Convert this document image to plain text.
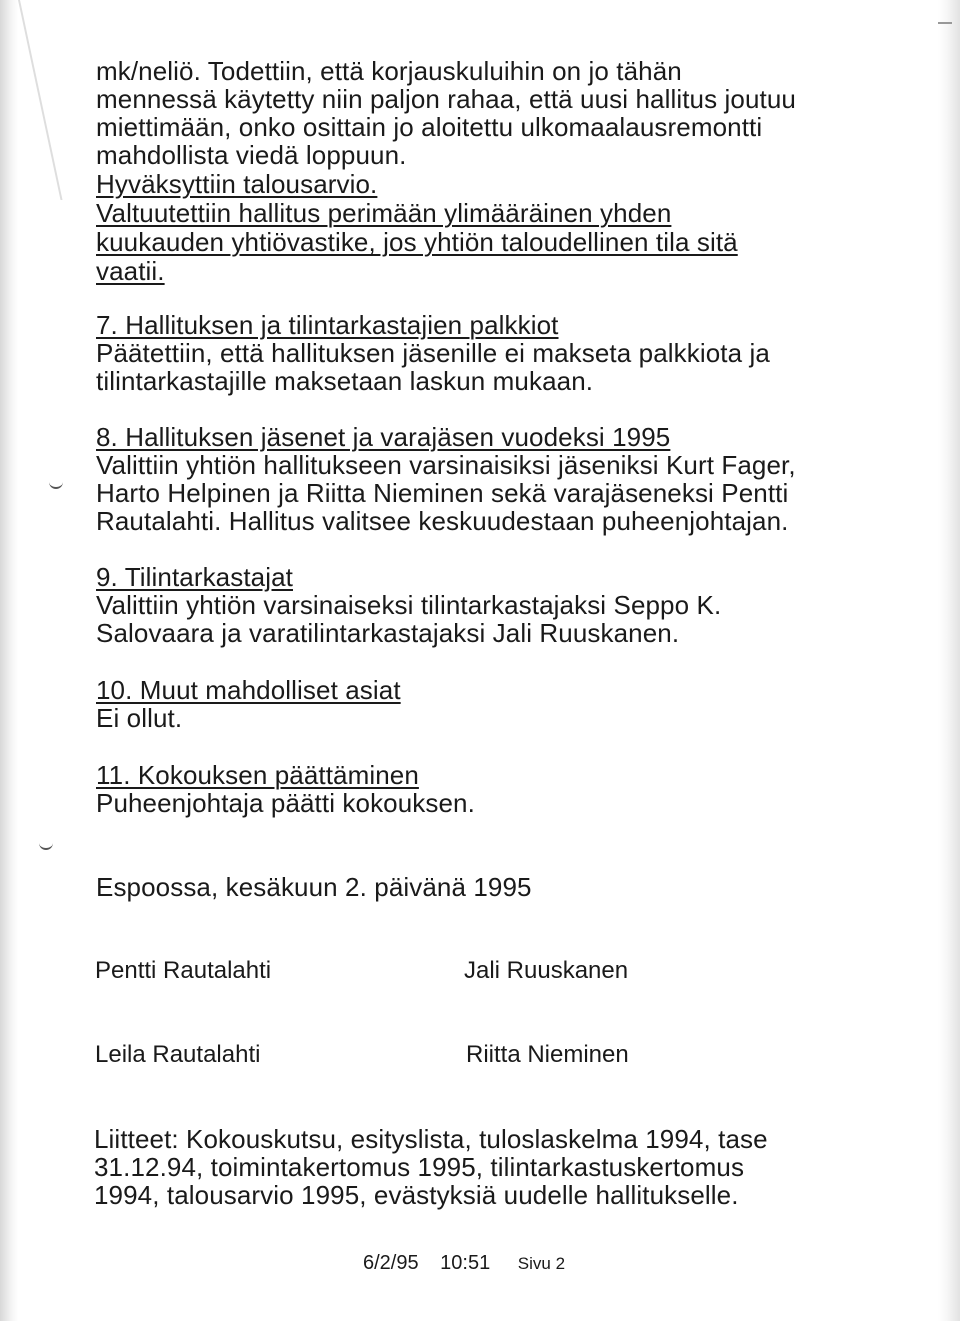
mk/neliö. Todettiin, että korjauskuluihin on jo tähän
mennessä käytetty niin paljon rahaa, että uusi hallitus joutuu
miettimään, onko osittain jo aloitettu ulkomaalausremontti
mahdollista viedä loppuun.
Hyväksyttiin talousarvio.
Valtuutettiin hallitus perimään ylimääräinen yhden
kuukauden yhtiövastike, jos yhtiön taloudellinen tila sitä
vaatii.
7. Hallituksen ja tilintarkastajien palkkiot
Päätettiin, että hallituksen jäsenille ei makseta palkkiota ja
tilintarkastajille maksetaan laskun mukaan.
8. Hallituksen jäsenet ja varajäsen vuodeksi 1995
Valittiin yhtiön hallitukseen varsinaisiksi jäseniksi Kurt Fager,
Harto Helpinen ja Riitta Nieminen sekä varajäseneksi Pentti
Rautalahti. Hallitus valitsee keskuudestaan puheenjohtajan.
9. Tilintarkastajat
Valittiin yhtiön varsinaiseksi tilintarkastajaksi Seppo K.
Salovaara ja varatilintarkastajaksi Jali Ruuskanen.
10. Muut mahdolliset asiat
Ei ollut.
11. Kokouksen päättäminen
Puheenjohtaja päätti kokouksen.
Espoossa, kesäkuun 2. päivänä 1995
Pentti Rautalahti	Jali Ruuskanen
Leila Rautalahti	Riitta Nieminen
Liitteet: Kokouskutsu, esityslista, tuloslaskelma 1994, tase
31.12.94, toimintakertomus 1995, tilintarkastuskertomus
1994, talousarvio 1995, evästyksiä uudelle hallitukselle.
6/2/95 10:51 Sivu 2
